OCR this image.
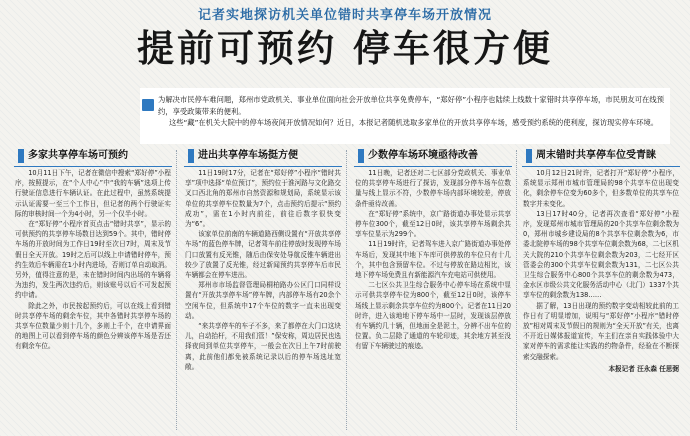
记者实地探访机关单位错时共享停车场开放情况
提前可预约 停车很方便

为解决市民停车难问题，郑州市党政机关、事业单位面向社会开放单位共享免费停车，“郑好停”小程序也陆续上线数十家错时共享停车场，市民朋友可在线预约，享受政策带来的便利。

这些“藏”在机关大院中的停车场夜间开放情况如何？近日，本报记者随机选取多家单位的开放共享停车场，感受预约系统的使利度，探访现实停车环境。

多家共享停车场可预约

10月11日下午，记者在微信中搜索“郑好停”小程序，按照提示，在“个人中心”中“我的车辆”选项上传行驶证信息进行车辆认证。在此过程中，虽然系统提示认证需要一至三个工作日，但记者的两个行驶证实际的审核时间一个为4小时，另一个仅半小时。

在“郑好停”小程序首页点击“错时共享”，显示的可供预约的共享停车场数目达到59个。其中，错时停车场的开放时间为工作日19时至次日7时，周末及节假日全天开放。19时之后可以线上申请错时停车，预约生效后车辆需在1小时内进场，否则订单自动取消。另外，值得注意的是，未在错时时间内出场的车辆将为违约，发生两次违约后，则该账号以后不可发起预约申请。

除此之外，市民按起预约后，可以在线上看到错时共享停车场的剩余车位，其中各错时共享停车场的共享车位数量少则十几个，多则上千个，在申请界面的地图上可以看到停车场的颜色分辨该停车场是否还有剩余车位。

进出共享停车场挺方便

11日19时17分，记者在“郑好停”小程序“错时共享”项中选择“单位预订”，预约位于淮河路与文化路交叉口西北角的郑州市自然资源和规划局，系统显示该单位的共享停车位数量为7个，点击预约后提示“预约成功”，需在1小时内前往，前往后数字很快变为“6”。

该家单位前南的车辆道路西侧设置有“开放共享停车场”的蓝色停车牌，记者驾车前往停放时发现停车场门口放置有反光锥，随后由保安处导航反锥车辆进出较少了放置了反光锥，经过新闻预约共享停车后市民车辆都会在停车进出。

郑州市市场监督管理局桐柏路办公区门口同样设置有“开放共享停车场”停车牌，内部停车场有20余个空闲车位，但系统中17个车位的数字一直未出现变动。

“来共享停车的车子不多，来了都停在大门口这块儿，自动抬杆，不用我们管！”保安称，周边居民也选择夜间到单位共享停车，一般会在次日上午7时前驶离，此前他们都免被系统记录以后的停车场选址宽敞。

少数停车场环境亟待改善

11日晚，记者还对二七区部分党政机关、事业单位的共享停车场进行了探访，发现部分停车场车位数量与线上显示不符，少数停车场内部环境较差，停放条件亟待改善。

在“郑好停”系统中，京广路街道办事处显示共享停车位300个，截至12日0时，该共享停车场剩余共享车位显示为299个。

11日19时许，记者驾车进入京广路街道办事处停车场后，发现其中地下车库可供停放的车位只有十几个，其中包含预留车位。不过与停放在路边相比，该地下停车场免费且有新能源汽车充电站可供使用。

二七区公共卫生综合服务中心停车场在系统中显示可供共享停车位为800个，截至12日0时，该停车场线上显示剩余共享车位约为800个。记者在11日20时许，进入该地地下停车场中一层时，发现该层停放有车辆约几十辆，但地面全是泥土，分辨不出车位的位置。负二层除了通道的车轮印迹，其余地方甚至没有留下车辆驶过的痕迹。

周末错时共享停车位受青睐

10月12日21时许，记者打开“郑好停”小程序，系统显示郑州市城市管理局的98个共享车位出现变化，剩余停车位变为60多个，但多数单位的共享车位数字并未变化。

13日17时40分，记者再次查看“郑好停”小程序，发现郑州市城市管理局的20个共享车位剩余数为0，郑州市城乡建设局的8个共享车位剩余数为6，市委北院停车场的98个共享车位剩余数为68，二七区机关大院的210个共享车位剩余数为203，二七经开区管委会的300个共享车位剩余数为131，二七区公共卫生综合服务中心800个共享车位的剩余数为473，金水区市级公共文化服务活动中心（北门）1337个共享车位的剩余数为138……

据了解，13日出现的预约数字变动相较此前的工作日有了明显增加，说明与“郑好停”小程序“错时停放”相对周末及节假日的规则为“全天开放”有关，也离不开近日媒体报道宣传，车主们在亲自实践体验中大家对停车的需求能让实践的约物条件，经验在不断探索交融探索。

本报记者 汪永森 任思弼
